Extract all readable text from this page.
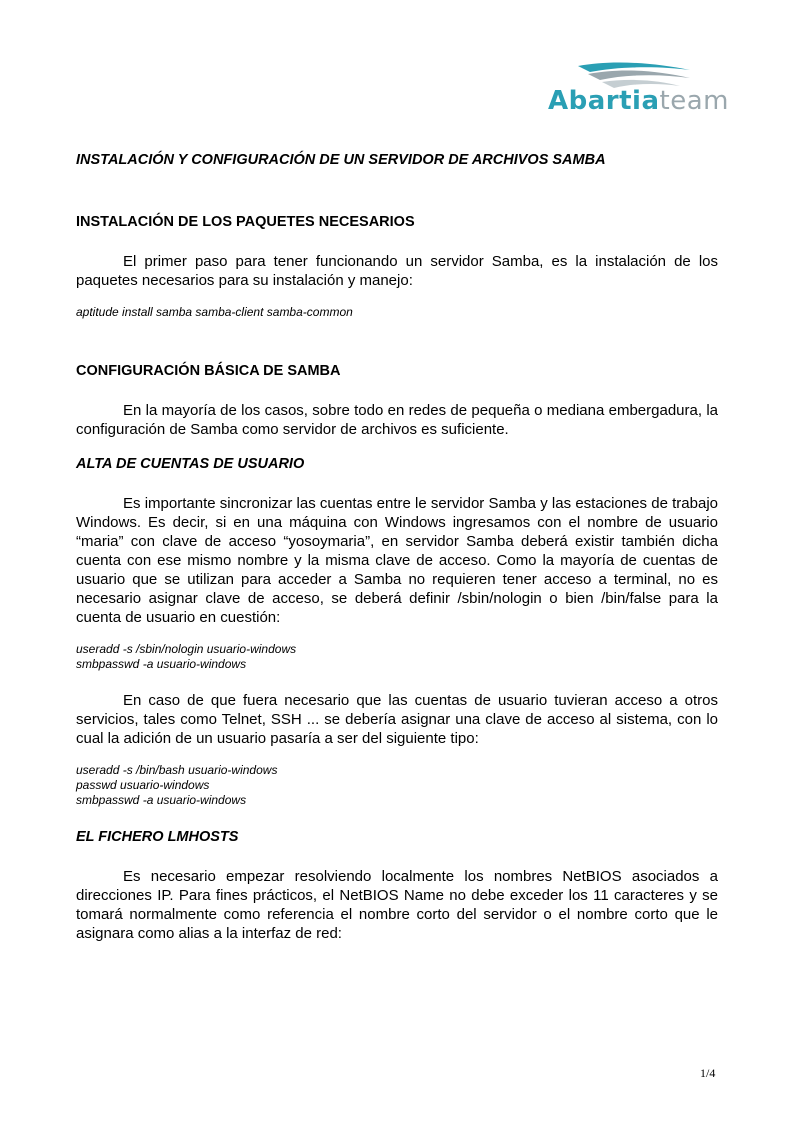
Abartiateam
INSTALACIÓN Y CONFIGURACIÓN DE UN SERVIDOR DE ARCHIVOS SAMBA
INSTALACIÓN DE LOS PAQUETES NECESARIOS
El primer paso para tener funcionando un servidor Samba, es la instalación de los paquetes necesarios para su instalación y manejo:
aptitude install samba samba-client samba-common
CONFIGURACIÓN BÁSICA DE SAMBA
En la mayoría de los casos, sobre todo en redes de pequeña o mediana embergadura, la configuración de Samba como servidor de archivos es suficiente.
ALTA DE CUENTAS DE USUARIO
Es importante sincronizar las cuentas entre le servidor Samba y las estaciones de trabajo Windows. Es decir, si en una máquina con Windows ingresamos con el nombre de usuario “maria” con clave de acceso “yosoymaria”, en servidor Samba deberá existir también dicha cuenta con ese mismo nombre y la misma clave de acceso. Como la mayoría de cuentas de usuario que se utilizan para acceder a Samba no requieren tener acceso a terminal, no es necesario asignar clave de acceso, se deberá definir /sbin/nologin o bien /bin/false para la cuenta de usuario en cuestión:
useradd -s /sbin/nologin usuario-windows
smbpasswd -a usuario-windows
En caso de que fuera necesario que las cuentas de usuario tuvieran acceso a otros servicios, tales como Telnet, SSH ... se debería asignar una clave de acceso al sistema, con lo cual la adición de un usuario pasaría a ser del siguiente tipo:
useradd -s /bin/bash usuario-windows
passwd usuario-windows
smbpasswd -a usuario-windows
EL FICHERO LMHOSTS
Es necesario empezar resolviendo localmente los nombres NetBIOS asociados a direcciones IP. Para fines prácticos, el NetBIOS Name no debe exceder los 11 caracteres y se tomará normalmente como referencia el nombre corto del servidor o el nombre corto que le asignara como alias a la interfaz de red:
1/4
